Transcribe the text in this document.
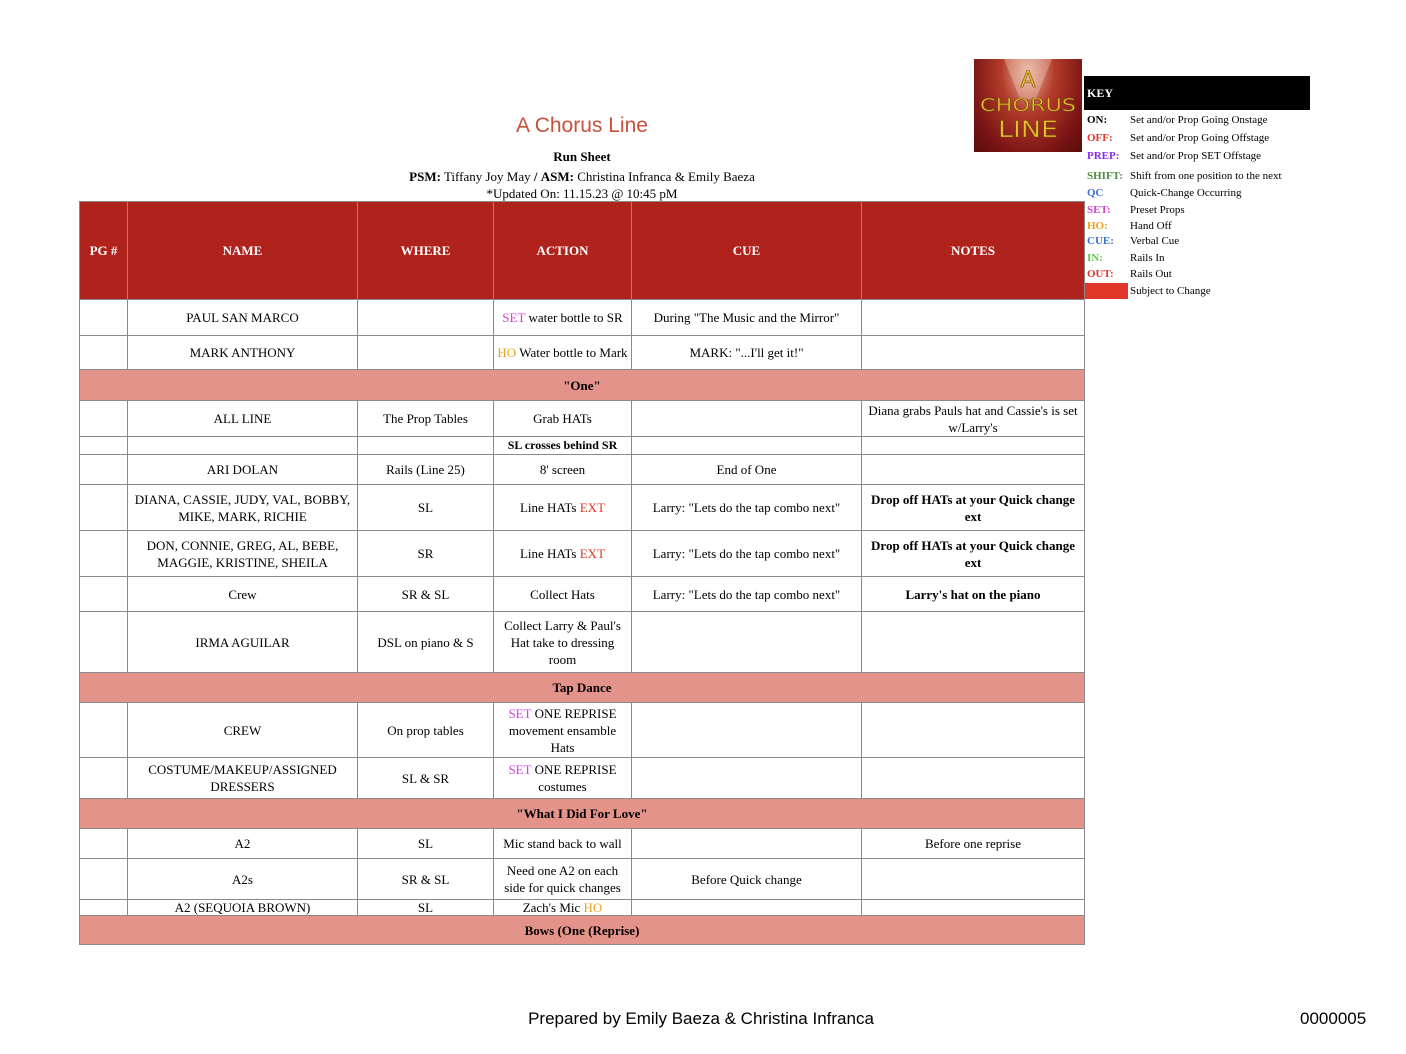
A Chorus Line
Run Sheet
PSM: Tiffany Joy May / ASM: Christina Infranca & Emily Baeza
*Updated On: 11.15.23 @ 10:45 pM
A
CHORUS
LINE
KEY
ON: Set and/or Prop Going Onstage
OFF: Set and/or Prop Going Offstage
PREP: Set and/or Prop SET Offstage
SHIFT: Shift from one position to the next
QC Quick-Change Occurring
SET: Preset Props
HO: Hand Off
CUE: Verbal Cue
IN: Rails In
OUT: Rails Out
Subject to Change
PG #	NAME	WHERE	ACTION	CUE	NOTES
	PAUL SAN MARCO		SET water bottle to SR	During "The Music and the Mirror"	
	MARK ANTHONY		HO Water bottle to Mark	MARK: "...I'll get it!"	
"One"					
	ALL LINE	The Prop Tables	Grab HATs		Diana grabs Pauls hat and Cassie's is set w/Larry's
			SL crosses behind SR		
	ARI DOLAN	Rails (Line 25)	8' screen	End of One	
	DIANA, CASSIE, JUDY, VAL, BOBBY, MIKE, MARK, RICHIE	SL	Line HATs EXT	Larry: "Lets do the tap combo next"	Drop off HATs at your Quick change ext
	DON, CONNIE, GREG, AL, BEBE, MAGGIE, KRISTINE, SHEILA	SR	Line HATs EXT	Larry: "Lets do the tap combo next"	Drop off HATs at your Quick change ext
	Crew	SR & SL	Collect Hats	Larry: "Lets do the tap combo next"	Larry's hat on the piano
	IRMA AGUILAR	DSL on piano & S	Collect Larry & Paul's Hat take to dressing room		
Tap Dance					
	CREW	On prop tables	SET ONE REPRISE movement ensamble Hats		
	COSTUME/MAKEUP/ASSIGNED DRESSERS	SL & SR	SET ONE REPRISE costumes		
"What I Did For Love"					
	A2	SL	Mic stand back to wall		Before one reprise
	A2s	SR & SL	Need one A2 on each side for quick changes	Before Quick change	
	A2 (SEQUOIA BROWN)	SL	Zach's Mic HO		
Bows (One (Reprise)					
Prepared by Emily Baeza & Christina Infranca	0000005
